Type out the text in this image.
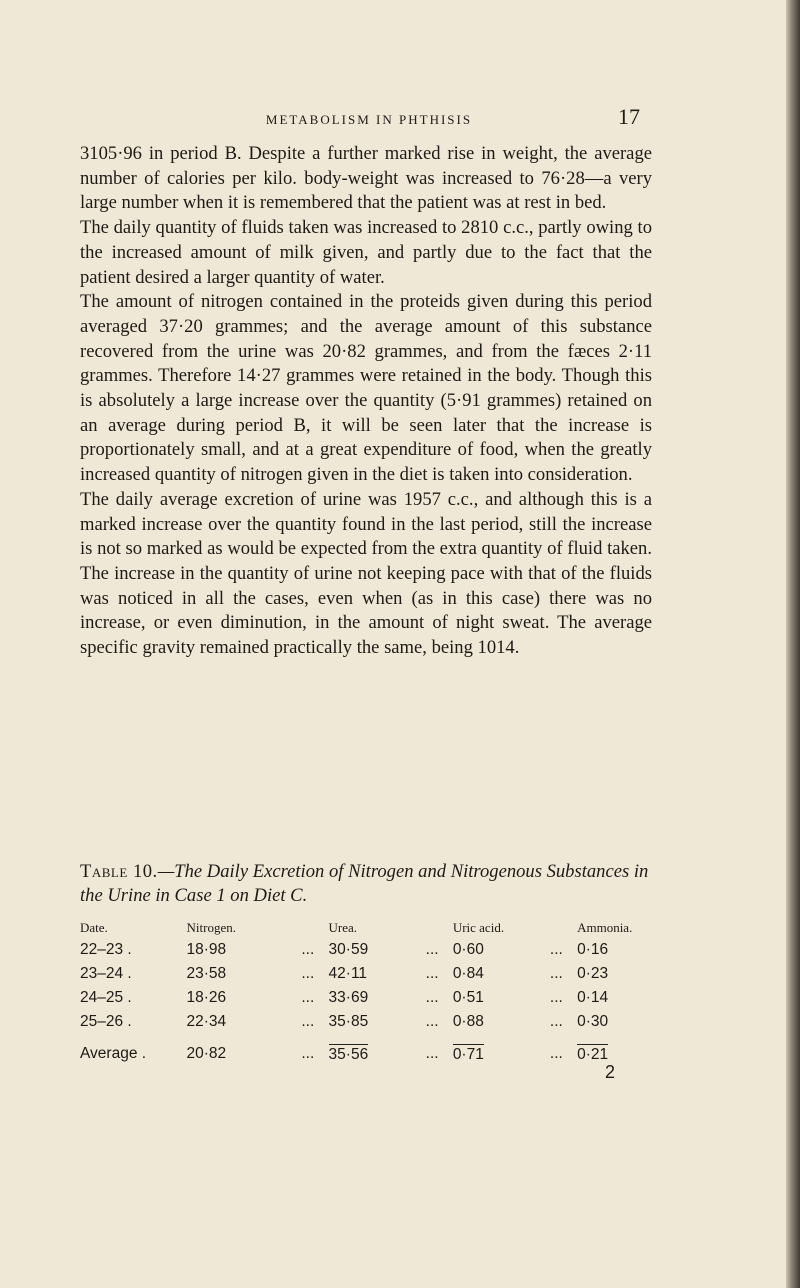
METABOLISM IN PHTHISIS	17

3105·96 in period B. Despite a further marked rise in weight, the average number of calories per kilo. body-weight was increased to 76·28—a very large number when it is remembered that the patient was at rest in bed.

The daily quantity of fluids taken was increased to 2810 c.c., partly owing to the increased amount of milk given, and partly due to the fact that the patient desired a larger quantity of water.

The amount of nitrogen contained in the proteids given during this period averaged 37·20 grammes; and the average amount of this substance recovered from the urine was 20·82 grammes, and from the fæces 2·11 grammes. Therefore 14·27 grammes were retained in the body. Though this is absolutely a large increase over the quantity (5·91 grammes) retained on an average during period B, it will be seen later that the increase is proportionately small, and at a great expenditure of food, when the greatly increased quantity of nitrogen given in the diet is taken into consideration.

The daily average excretion of urine was 1957 c.c., and although this is a marked increase over the quantity found in the last period, still the increase is not so marked as would be expected from the extra quantity of fluid taken. The increase in the quantity of urine not keeping pace with that of the fluids was noticed in all the cases, even when (as in this case) there was no increase, or even diminution, in the amount of night sweat. The average specific gravity remained practically the same, being 1014.

Table 10.—The Daily Excretion of Nitrogen and Nitrogenous Substances in the Urine in Case 1 on Diet C.
Date.	Nitrogen.		Urea.		Uric acid.		Ammonia.
22–23 .	18·98	...	30·59	...	0·60	...	0·16
23–24 .	23·58	...	42·11	...	0·84	...	0·23
24–25 .	18·26	...	33·69	...	0·51	...	0·14
25–26 .	22·34	...	35·85	...	0·88	...	0·30
Average .	20·82	...	35·56	...	0·71	...	0·21
2
